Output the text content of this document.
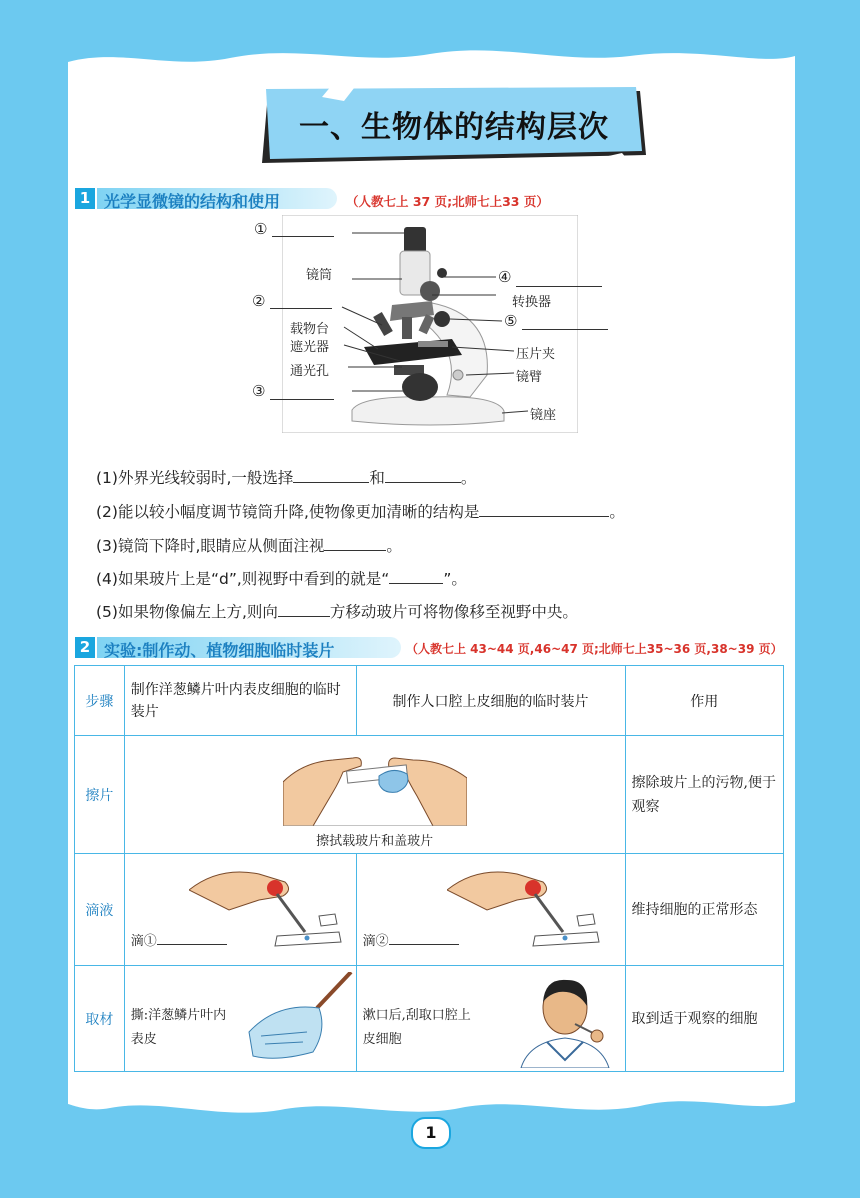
一、生物体的结构层次
1 光学显微镜的结构和使用	（人教七上 37 页;北师七上33 页）
①
镜筒
②
载物台
遮光器
通光孔
③
④
转换器
⑤
压片夹
镜臂
镜座
(1)外界光线较弱时,一般选择	和	。
(2)能以较小幅度调节镜筒升降,使物像更加清晰的结构是	。
(3)镜筒下降时,眼睛应从侧面注视	。
(4)如果玻片上是“d”,则视野中看到的就是“	”。
(5)如果物像偏左上方,则向	方移动玻片可将物像移至视野中央。
2 实验:制作动、植物细胞临时装片	（人教七上 43~44 页,46~47 页;北师七上35~36 页,38~39 页）
步骤	制作洋葱鳞片叶内表皮细胞的临时装片	制作人口腔上皮细胞的临时装片	作用
擦片	擦拭载玻片和盖玻片		擦除玻片上的污物,便于观察
滴液	滴①	滴②	维持细胞的正常形态
取材	撕:洋葱鳞片叶内表皮	漱口后,刮取口腔上皮细胞	取到适于观察的细胞
1
